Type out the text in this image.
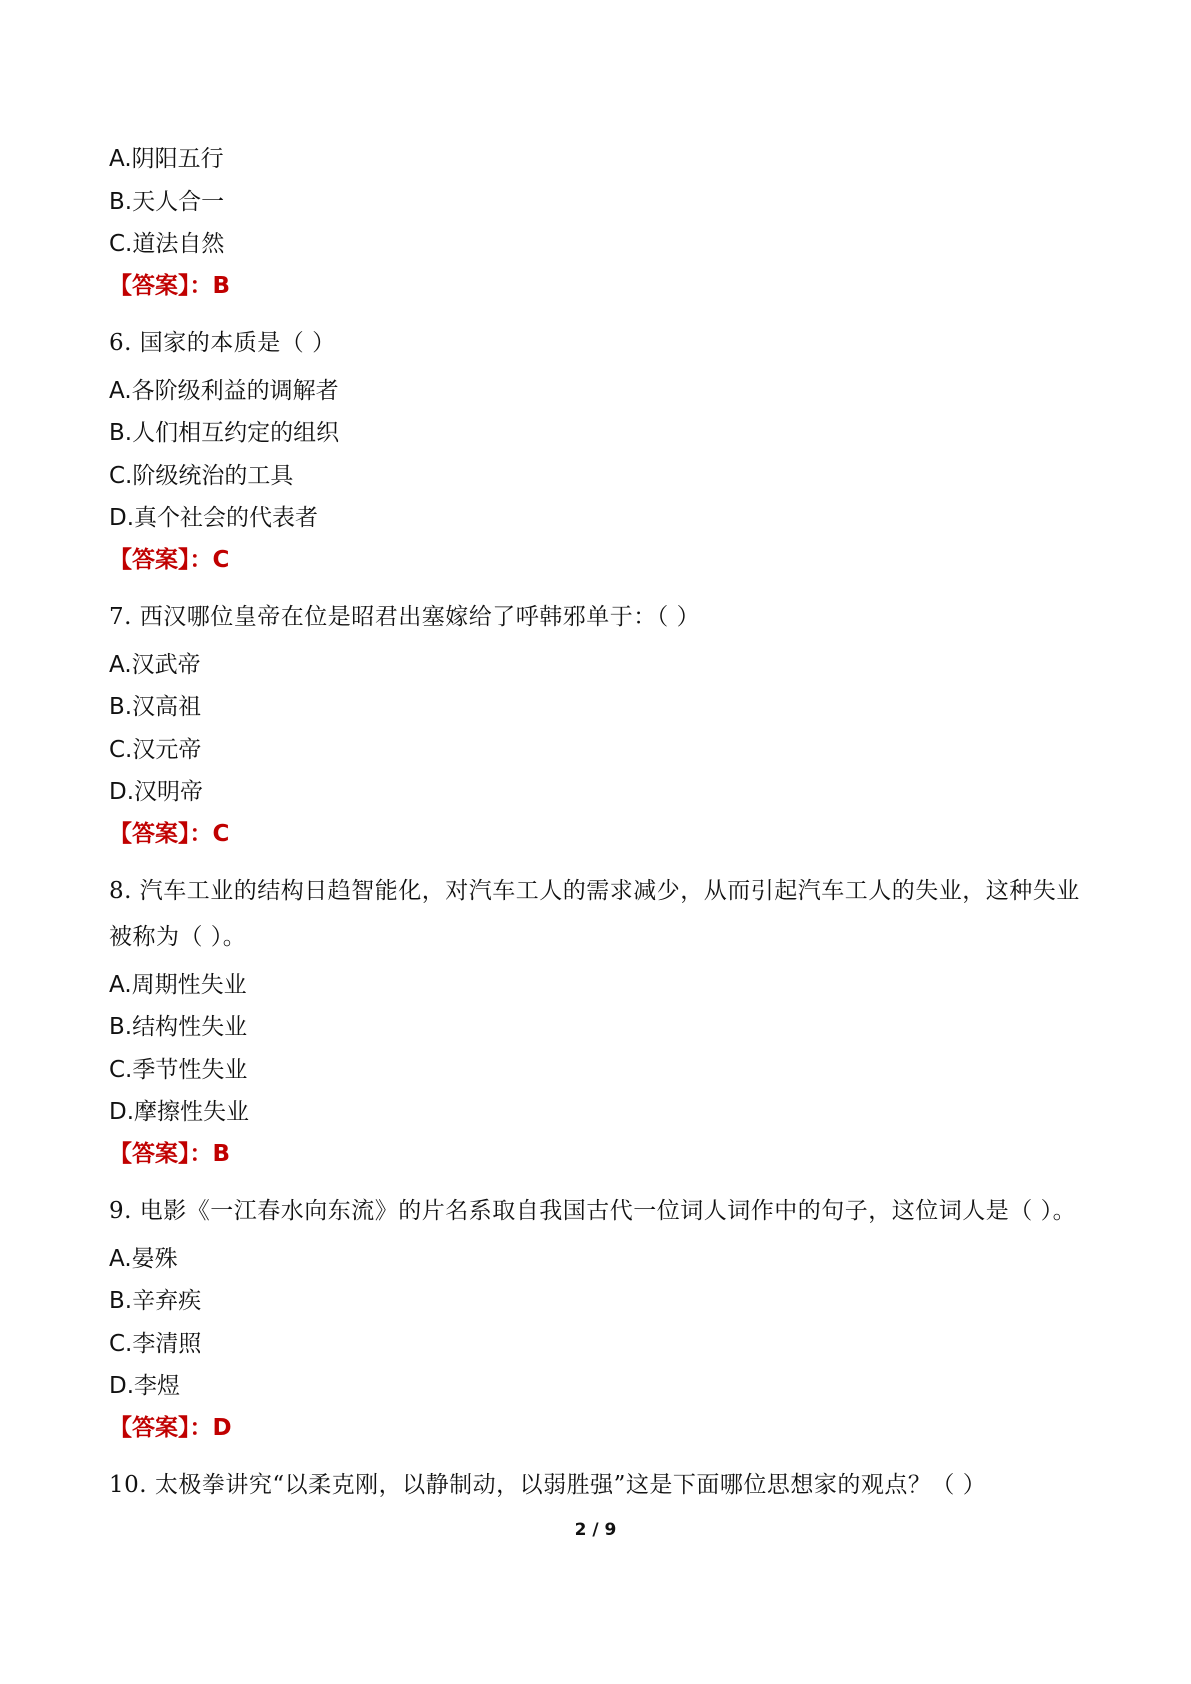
A.阴阳五行
B.天人合一
C.道法自然
【答案】：B
6. 国家的本质是（ ）
A.各阶级利益的调解者
B.人们相互约定的组织
C.阶级统治的工具
D.真个社会的代表者
【答案】：C
7. 西汉哪位皇帝在位是昭君出塞嫁给了呼韩邪单于：（ ）
A.汉武帝
B.汉高祖
C.汉元帝
D.汉明帝
【答案】：C
8. 汽车工业的结构日趋智能化，对汽车工人的需求减少，从而引起汽车工人的失业，这种失业被称为（ ）。
A.周期性失业
B.结构性失业
C.季节性失业
D.摩擦性失业
【答案】：B
9. 电影《一江春水向东流》的片名系取自我国古代一位词人词作中的句子，这位词人是（ ）。
A.晏殊
B.辛弃疾
C.李清照
D.李煜
【答案】：D
10. 太极拳讲究“以柔克刚，以静制动，以弱胜强”这是下面哪位思想家的观点？（ ）
2 / 9
